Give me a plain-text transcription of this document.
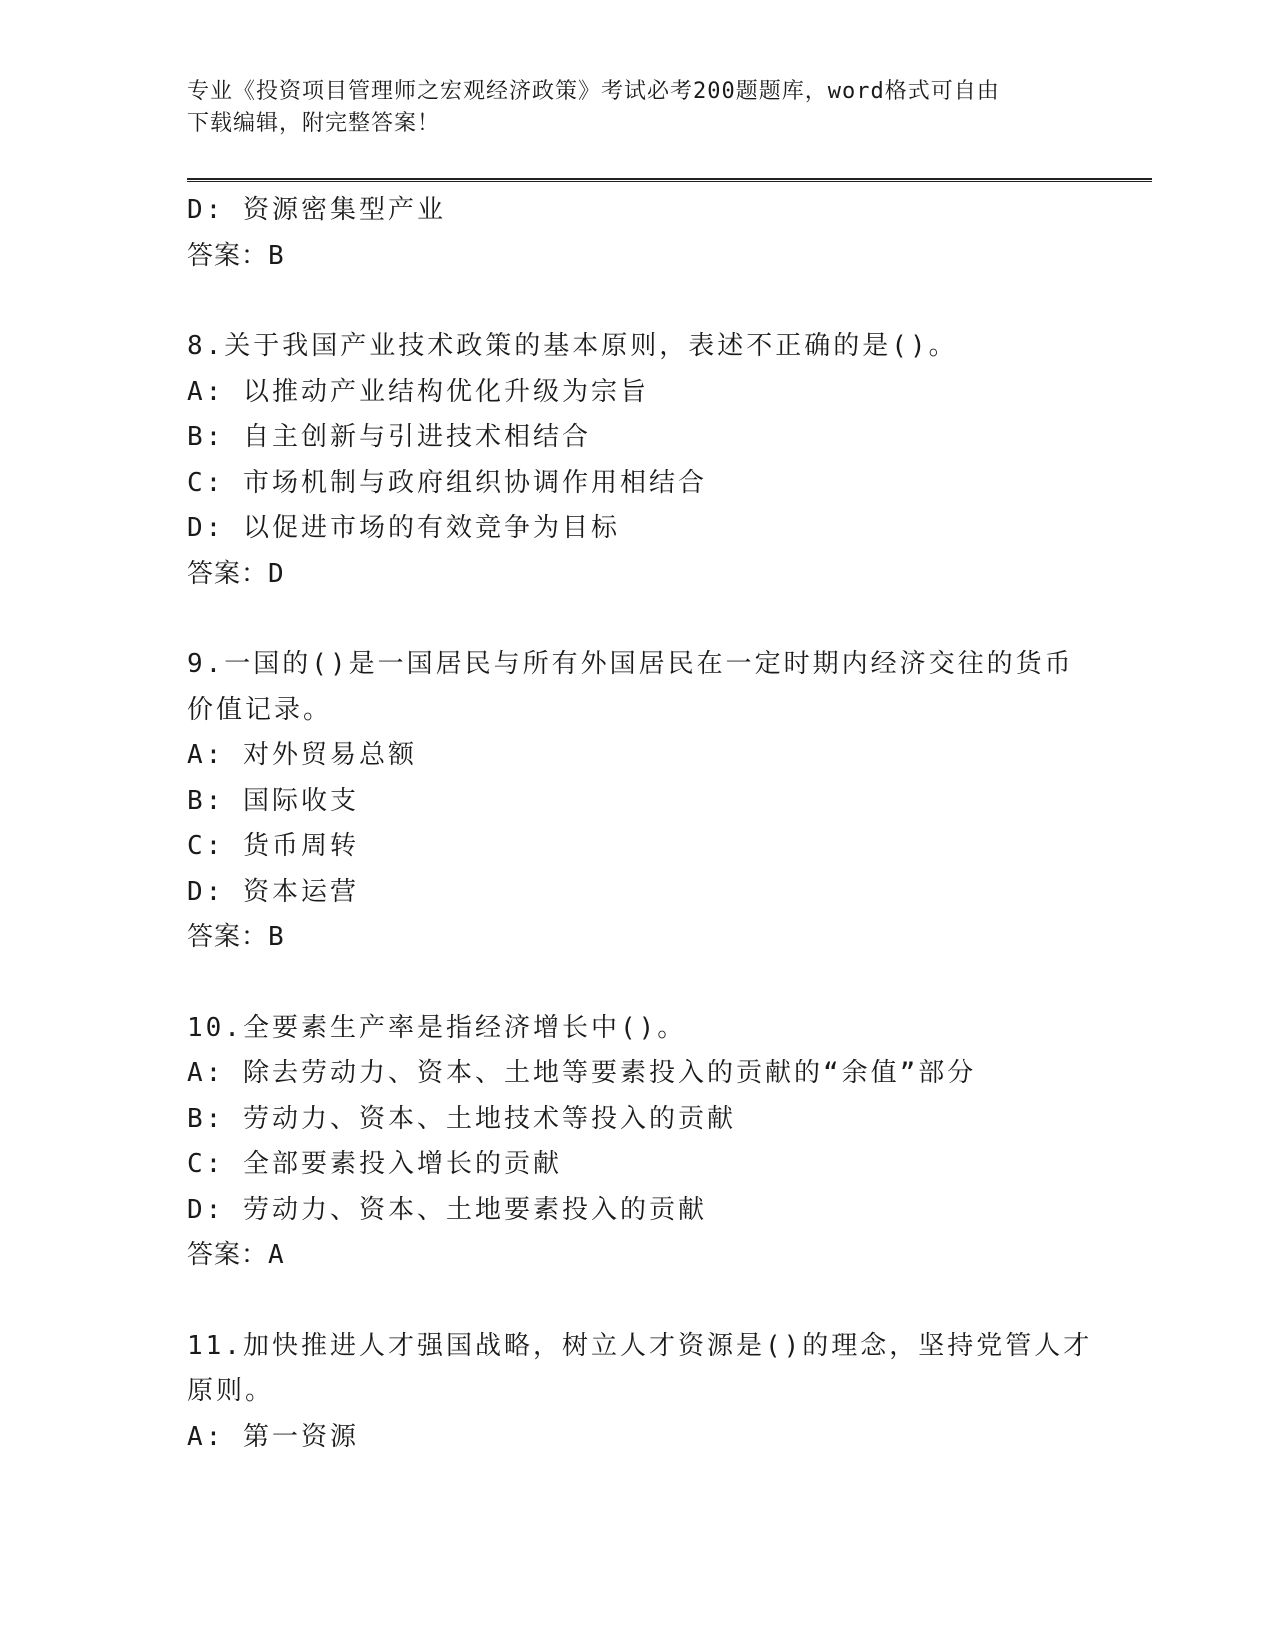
专业《投资项目管理师之宏观经济政策》考试必考200题题库，word格式可自由
下载编辑，附完整答案！
D: 资源密集型产业
答案：B
8.关于我国产业技术政策的基本原则，表述不正确的是()。
A: 以推动产业结构优化升级为宗旨
B: 自主创新与引进技术相结合
C: 市场机制与政府组织协调作用相结合
D: 以促进市场的有效竞争为目标
答案：D
9.一国的()是一国居民与所有外国居民在一定时期内经济交往的货币
价值记录。
A: 对外贸易总额
B: 国际收支
C: 货币周转
D: 资本运营
答案：B
10.全要素生产率是指经济增长中()。
A: 除去劳动力、资本、土地等要素投入的贡献的“余值”部分
B: 劳动力、资本、土地技术等投入的贡献
C: 全部要素投入增长的贡献
D: 劳动力、资本、土地要素投入的贡献
答案：A
11.加快推进人才强国战略，树立人才资源是()的理念，坚持党管人才
原则。
A: 第一资源
